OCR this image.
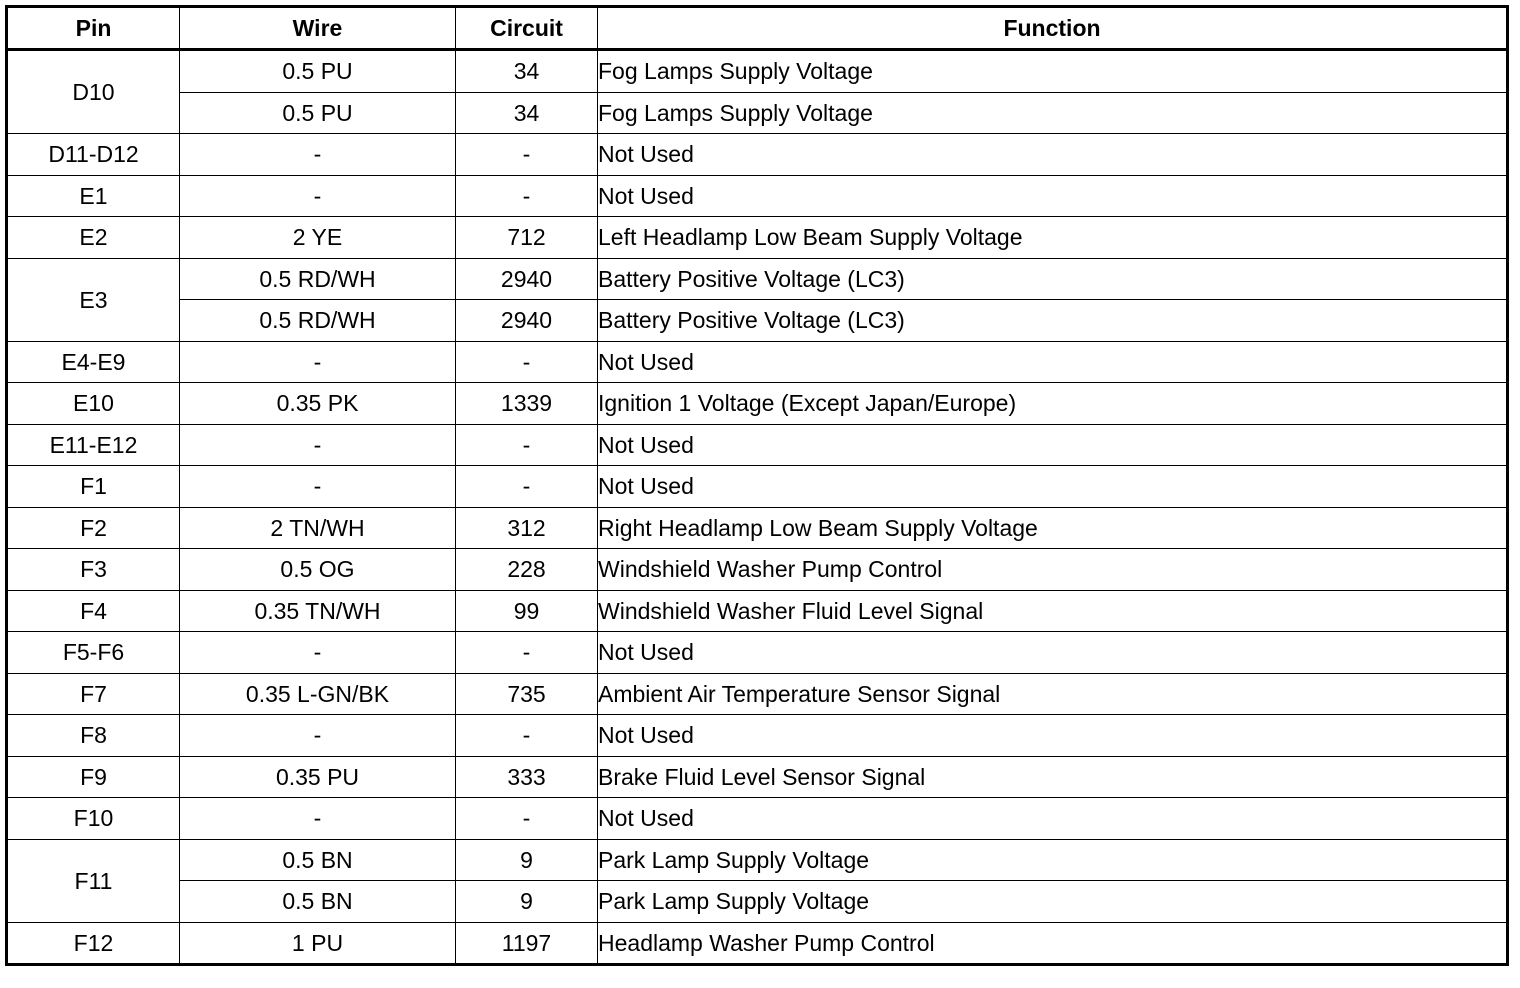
Pin	Wire	Circuit	Function
D10	0.5 PU	34	Fog Lamps Supply Voltage
	0.5 PU	34	Fog Lamps Supply Voltage
D11-D12	-	-	Not Used
E1	-	-	Not Used
E2	2 YE	712	Left Headlamp Low Beam Supply Voltage
E3	0.5 RD/WH	2940	Battery Positive Voltage (LC3)
	0.5 RD/WH	2940	Battery Positive Voltage (LC3)
E4-E9	-	-	Not Used
E10	0.35 PK	1339	Ignition 1 Voltage (Except Japan/Europe)
E11-E12	-	-	Not Used
F1	-	-	Not Used
F2	2 TN/WH	312	Right Headlamp Low Beam Supply Voltage
F3	0.5 OG	228	Windshield Washer Pump Control
F4	0.35 TN/WH	99	Windshield Washer Fluid Level Signal
F5-F6	-	-	Not Used
F7	0.35 L-GN/BK	735	Ambient Air Temperature Sensor Signal
F8	-	-	Not Used
F9	0.35 PU	333	Brake Fluid Level Sensor Signal
F10	-	-	Not Used
F11	0.5 BN	9	Park Lamp Supply Voltage
	0.5 BN	9	Park Lamp Supply Voltage
F12	1 PU	1197	Headlamp Washer Pump Control
